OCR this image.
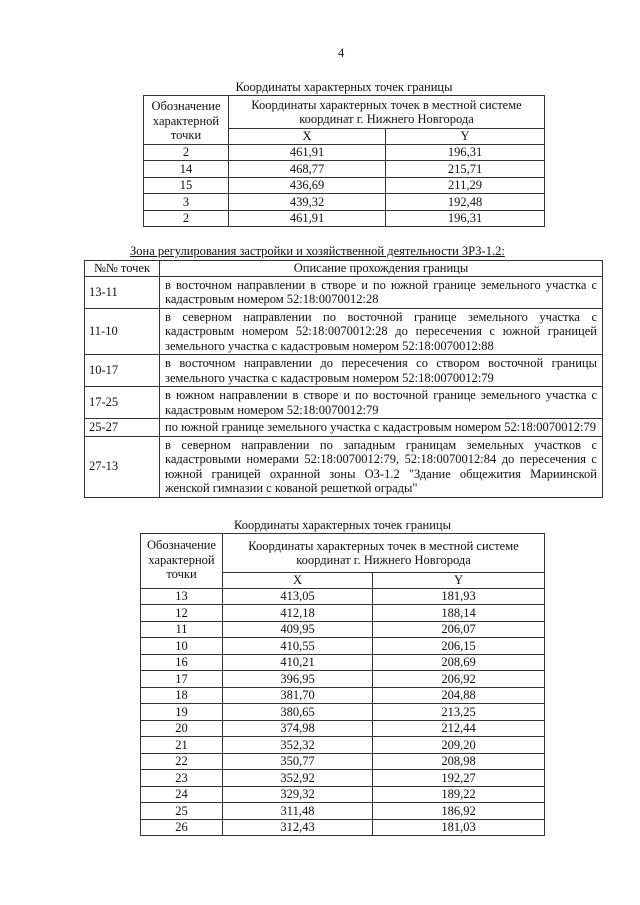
4
Координаты характерных точек границы
Обозначение характерной точки	Координаты характерных точек в местной системе координат г. Нижнего Новгорода	
	X	Y
2	461,91	196,31
14	468,77	215,71
15	436,69	211,29
3	439,32	192,48
2	461,91	196,31
Зона регулирования застройки и хозяйственной деятельности ЗРЗ-1.2:
№№ точек	Описание прохождения границы
13-11	в восточном направлении в створе и по южной границе земельного участка с кадастровым номером 52:18:0070012:28
11-10	в северном направлении по восточной границе земельного участка с кадастровым номером 52:18:0070012:28 до пересечения с южной границей земельного участка с кадастровым номером 52:18:0070012:88
10-17	в восточном направлении до пересечения со створом восточной границы земельного участка с кадастровым номером 52:18:0070012:79
17-25	в южном направлении в створе и по восточной границе земельного участка с кадастровым номером 52:18:0070012:79
25-27	по южной границе земельного участка с кадастровым номером 52:18:0070012:79
27-13	в северном направлении по западным границам земельных участков с кадастровыми номерами 52:18:0070012:79, 52:18:0070012:84 до пересечения с южной границей охранной зоны ОЗ-1.2 "Здание общежития Мариинской женской гимназии с кованой решеткой ограды"
Координаты характерных точек границы
Обозначение характерной точки	Координаты характерных точек в местной системе координат г. Нижнего Новгорода	
	X	Y
13	413,05	181,93
12	412,18	188,14
11	409,95	206,07
10	410,55	206,15
16	410,21	208,69
17	396,95	206,92
18	381,70	204,88
19	380,65	213,25
20	374,98	212,44
21	352,32	209,20
22	350,77	208,98
23	352,92	192,27
24	329,32	189,22
25	311,48	186,92
26	312,43	181,03
